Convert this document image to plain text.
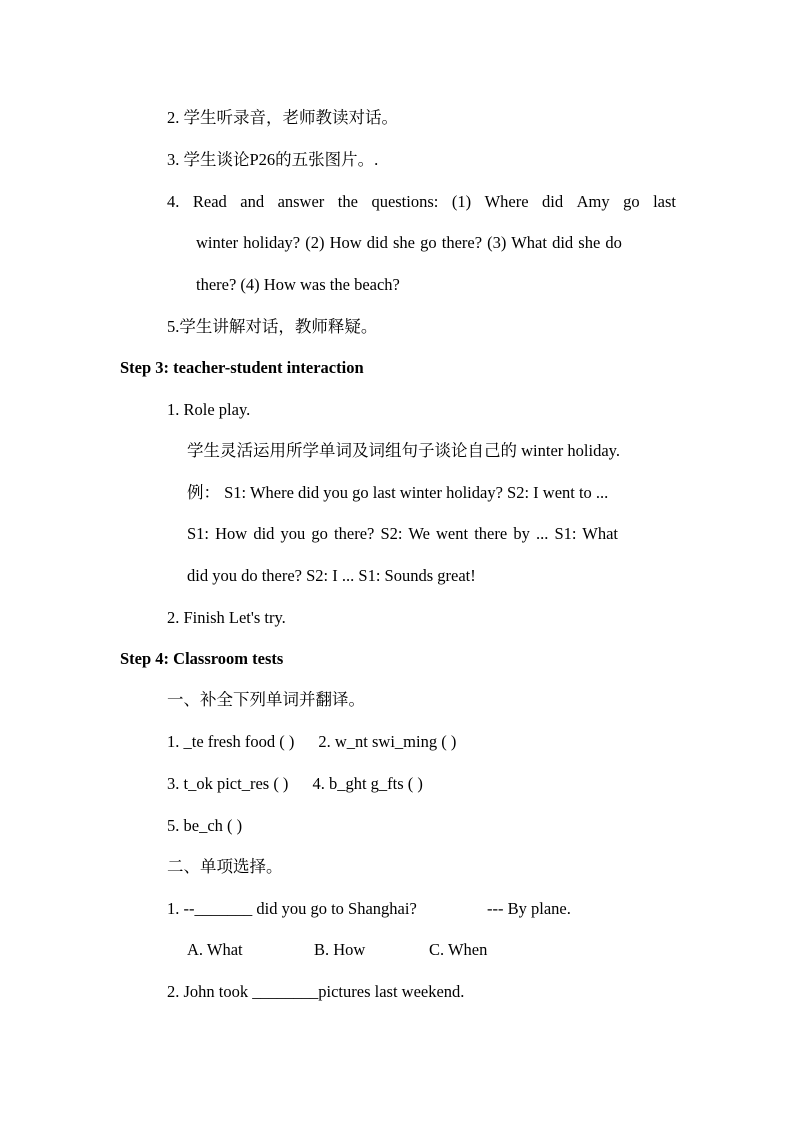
2. 学生听录音，老师教读对话。
3. 学生谈论P26的五张图片。.
4. Read and answer the questions: (1) Where did Amy go last
winter holiday? (2) How did she go there? (3) What did she do
there? (4) How was the beach?
5.学生讲解对话，教师释疑。
Step 3: teacher-student interaction
1. Role play.
学生灵活运用所学单词及词组句子谈论自己的 winter holiday.
例： S1: Where did you go last winter holiday? S2: I went to ...
S1: How did you go there? S2: We went there by ... S1: What
did you do there? S2: I ... S1: Sounds great!
2. Finish Let's try.
Step 4: Classroom tests
一、补全下列单词并翻译。
1. _te fresh food ( ) 2. w_nt swi_ming ( )
3. t_ok pict_res ( ) 4. b_ght g_fts ( )
5. be_ch ( )
二、单项选择。
1. --_______ did you go to Shanghai?	--- By plane.
A. What	B. How	C. When
2. John took ________pictures last weekend.
